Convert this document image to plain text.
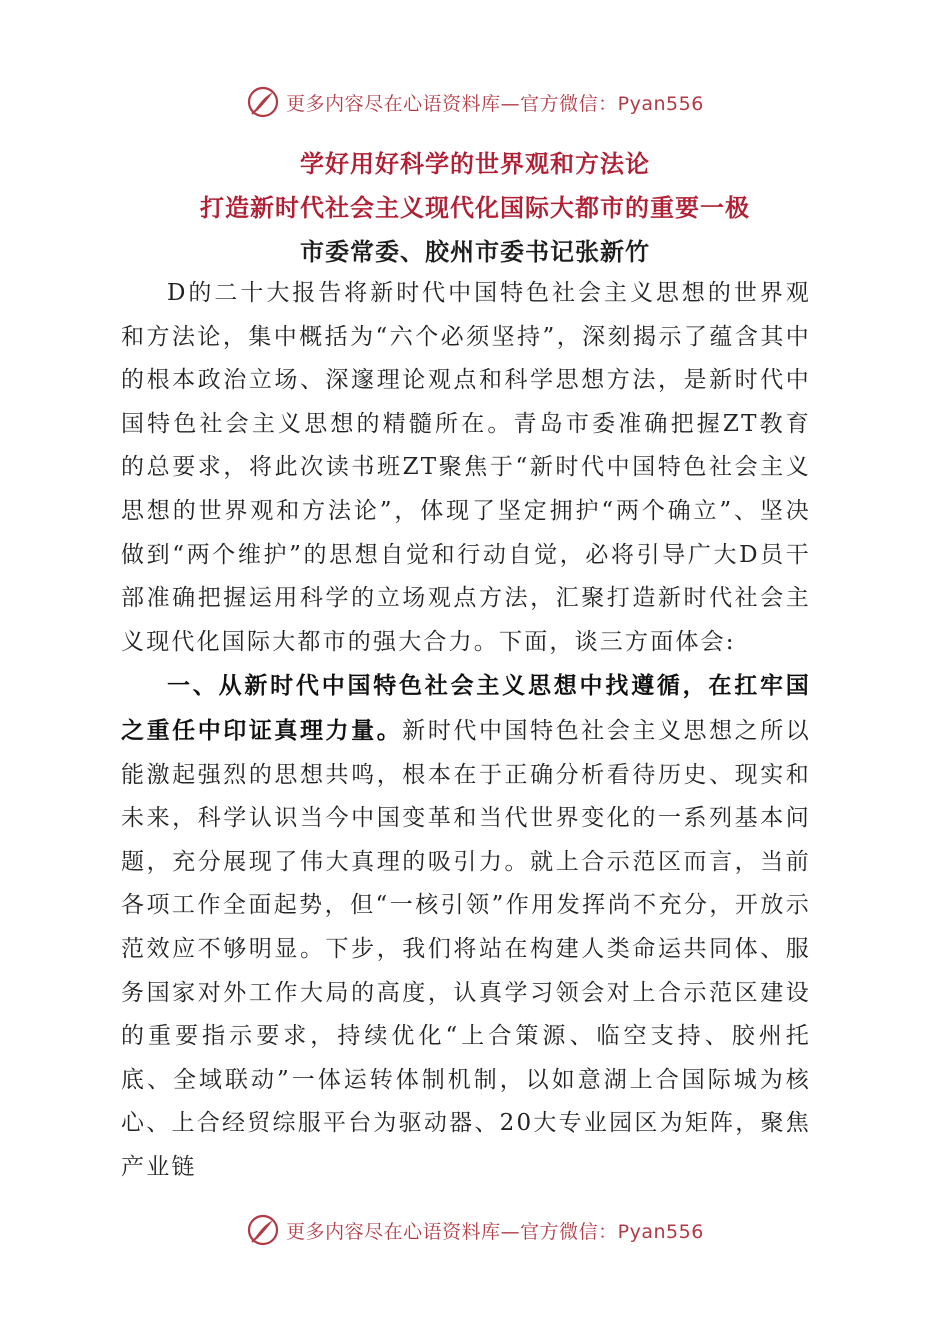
更多内容尽在心语资料库—官方微信：Pyan556
学好用好科学的世界观和方法论
打造新时代社会主义现代化国际大都市的重要一极
市委常委、胶州市委书记张新竹

D的二十大报告将新时代中国特色社会主义思想的世界观和方法论，集中概括为“六个必须坚持”，深刻揭示了蕴含其中的根本政治立场、深邃理论观点和科学思想方法，是新时代中国特色社会主义思想的精髓所在。青岛市委准确把握ZT教育的总要求，将此次读书班ZT聚焦于“新时代中国特色社会主义思想的世界观和方法论”，体现了坚定拥护“两个确立”、坚决做到“两个维护”的思想自觉和行动自觉，必将引导广大D员干部准确把握运用科学的立场观点方法，汇聚打造新时代社会主义现代化国际大都市的强大合力。下面，谈三方面体会:

一、从新时代中国特色社会主义思想中找遵循，在扛牢国之重任中印证真理力量。新时代中国特色社会主义思想之所以能激起强烈的思想共鸣，根本在于正确分析看待历史、现实和未来，科学认识当今中国变革和当代世界变化的一系列基本问题，充分展现了伟大真理的吸引力。就上合示范区而言，当前各项工作全面起势，但“一核引领”作用发挥尚不充分，开放示范效应不够明显。下步，我们将站在构建人类命运共同体、服务国家对外工作大局的高度，认真学习领会对上合示范区建设的重要指示要求，持续优化“上合策源、临空支持、胶州托底、全域联动”一体运转体制机制，以如意湖上合国际城为核心、上合经贸综服平台为驱动器、20大专业园区为矩阵，聚焦产业链

更多内容尽在心语资料库—官方微信：Pyan556
